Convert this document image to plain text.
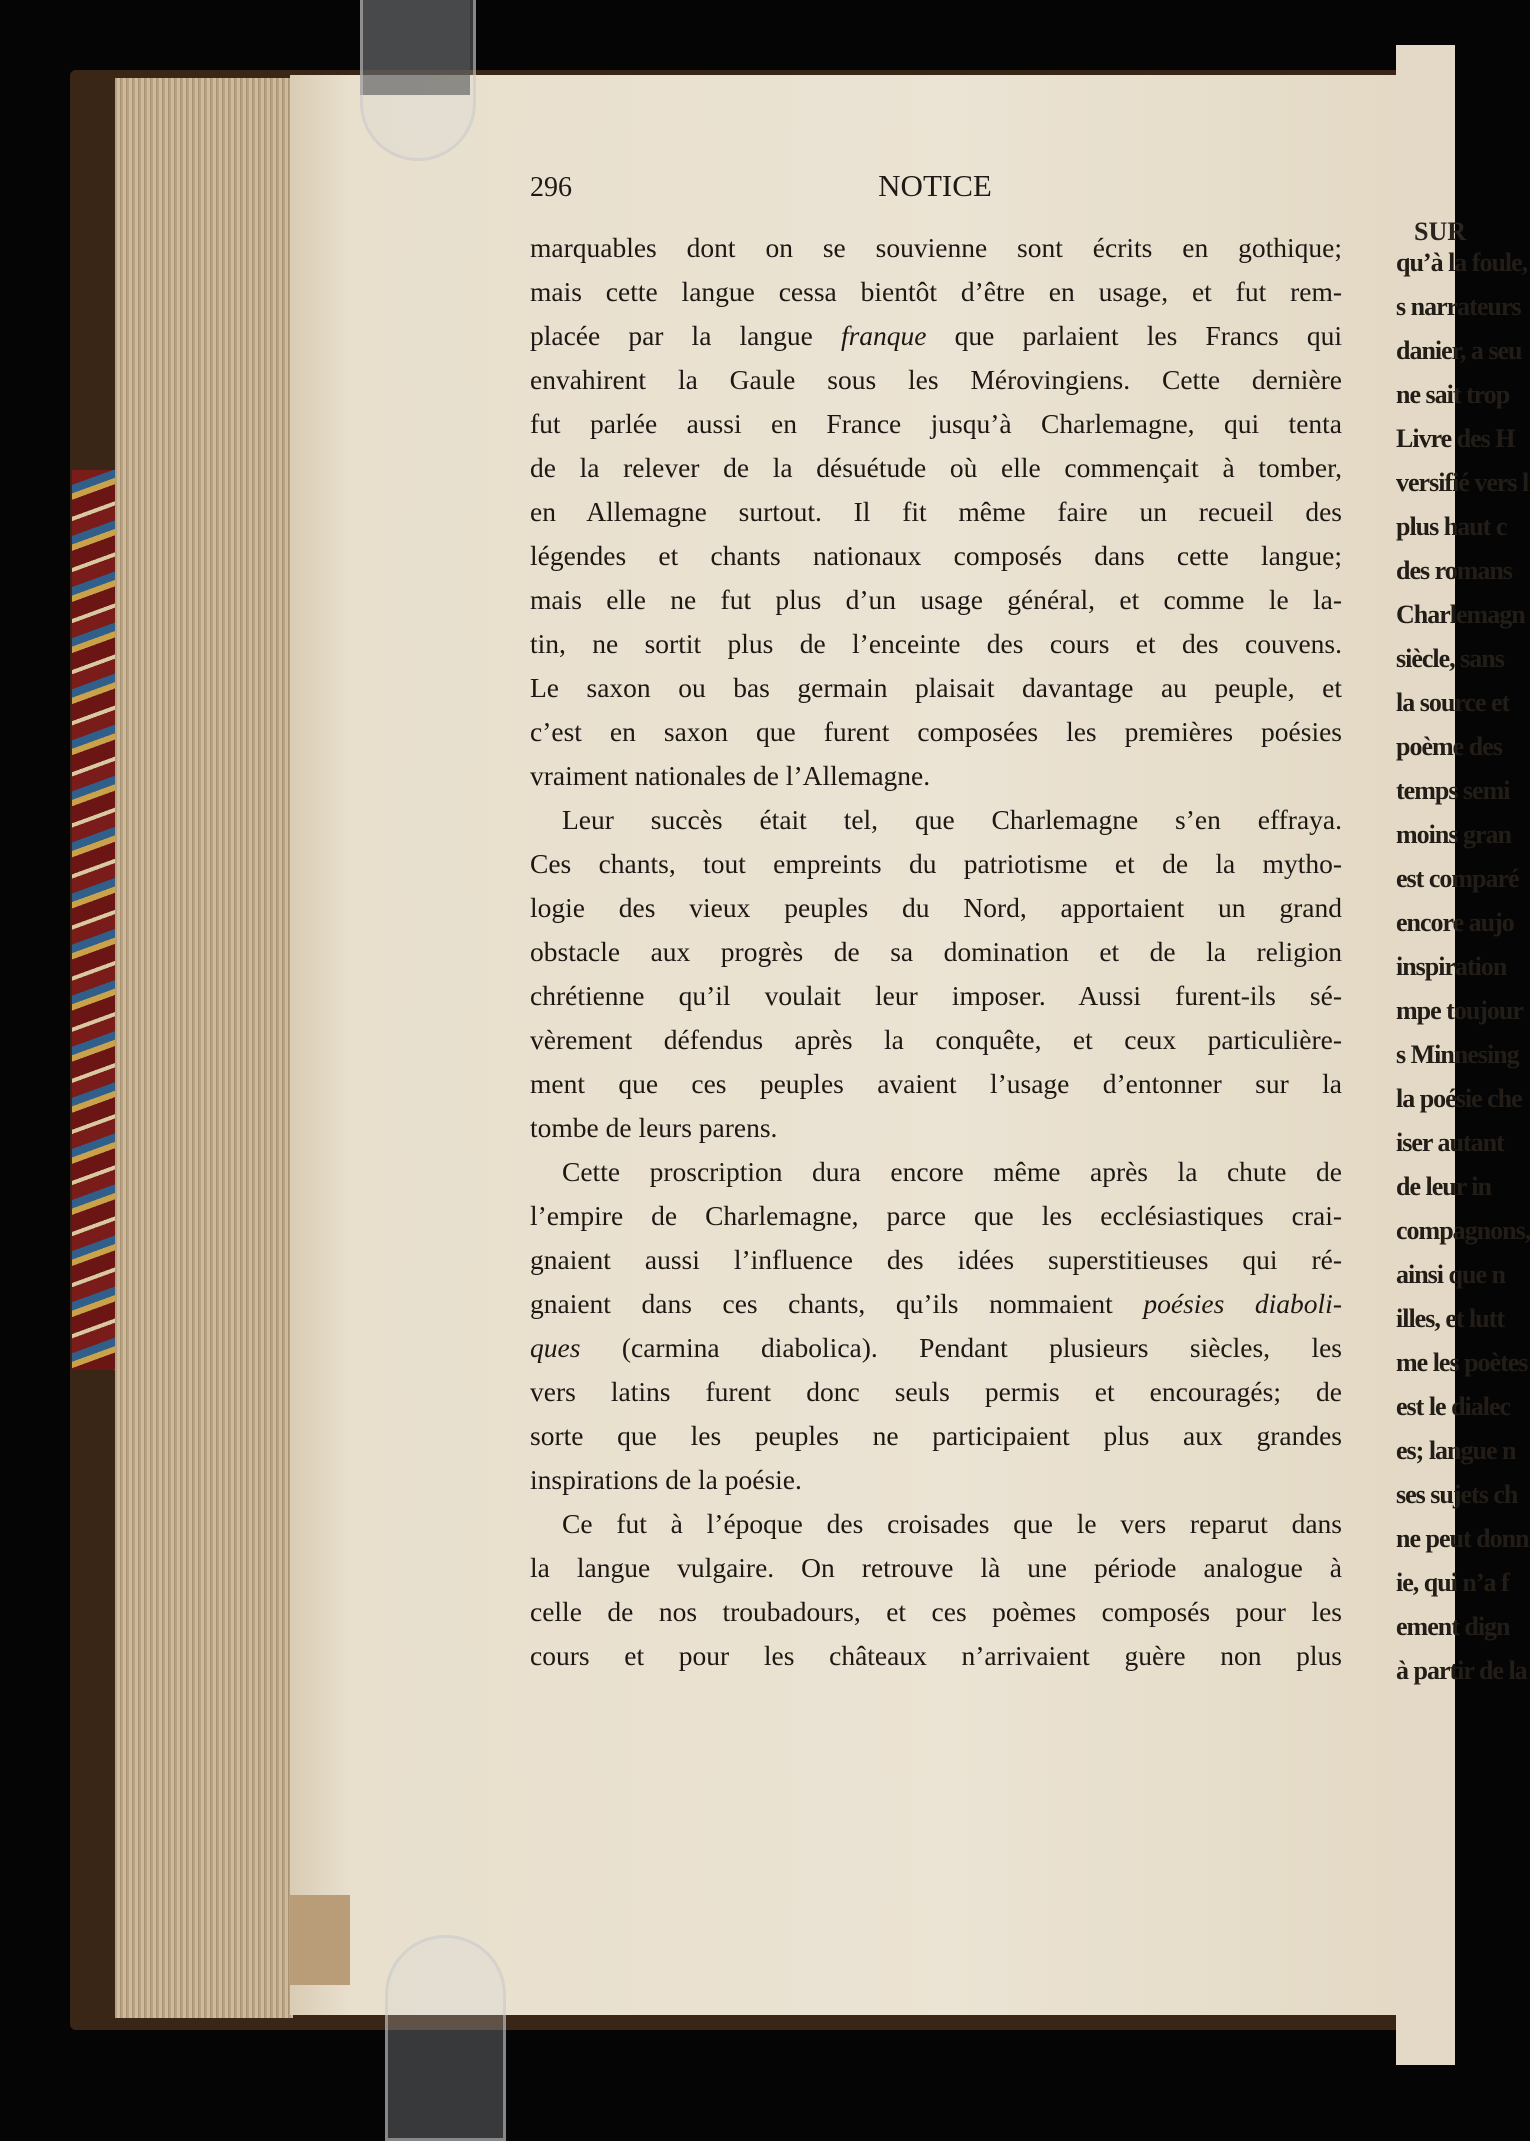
296	NOTICE
marquables dont on se souvienne sont écrits en gothique;
mais cette langue cessa bientôt d’être en usage, et fut rem-
placée par la langue franque que parlaient les Francs qui
envahirent la Gaule sous les Mérovingiens. Cette dernière
fut parlée aussi en France jusqu’à Charlemagne, qui tenta
de la relever de la désuétude où elle commençait à tomber,
en Allemagne surtout. Il fit même faire un recueil des
légendes et chants nationaux composés dans cette langue;
mais elle ne fut plus d’un usage général, et comme le la-
tin, ne sortit plus de l’enceinte des cours et des couvens.
Le saxon ou bas germain plaisait davantage au peuple, et
c’est en saxon que furent composées les premières poésies
vraiment nationales de l’Allemagne.
Leur succès était tel, que Charlemagne s’en effraya.
Ces chants, tout empreints du patriotisme et de la mytho-
logie des vieux peuples du Nord, apportaient un grand
obstacle aux progrès de sa domination et de la religion
chrétienne qu’il voulait leur imposer. Aussi furent-ils sé-
vèrement défendus après la conquête, et ceux particulière-
ment que ces peuples avaient l’usage d’entonner sur la
tombe de leurs parens.
Cette proscription dura encore même après la chute de
l’empire de Charlemagne, parce que les ecclésiastiques crai-
gnaient aussi l’influence des idées superstitieuses qui ré-
gnaient dans ces chants, qu’ils nommaient poésies diaboli-
ques (carmina diabolica). Pendant plusieurs siècles, les
vers latins furent donc seuls permis et encouragés; de
sorte que les peuples ne participaient plus aux grandes
inspirations de la poésie.
Ce fut à l’époque des croisades que le vers reparut dans
la langue vulgaire. On retrouve là une période analogue à
celle de nos troubadours, et ces poèmes composés pour les
cours et pour les châteaux n’arrivaient guère non plus
SUR
qu’à la foule,
s narrateurs
danier, a seu
ne sait trop
Livre des H
versifié vers l
plus haut c
des romans
Charlemagn
siècle, sans
la source et
poème des
temps semi
moins gran
est comparé
encore aujo
inspiration
mpe toujour
s Minnesing
la poésie che
iser autant
de leur in
compagnons,
ainsi que n
illes, et lutt
me les poètes
est le dialec
es; langue n
ses sujets ch
ne peut donn
ie, qui n’a f
ement dign
à partir de la
